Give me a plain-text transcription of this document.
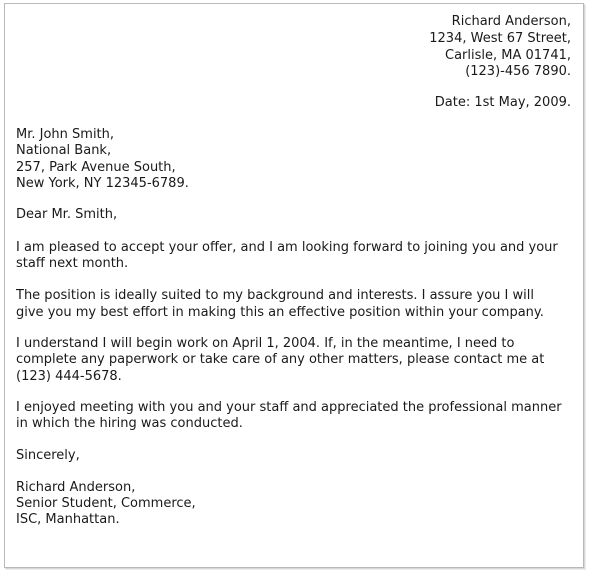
Richard Anderson,

1234, West 67 Street,

Carlisle, MA 01741,

(123)-456 7890.

Date: 1st May, 2009.

Mr. John Smith,

National Bank,

257, Park Avenue South,

New York, NY 12345-6789.

Dear Mr. Smith,

I am pleased to accept your offer, and I am looking forward to joining you and your

staff next month.

The position is ideally suited to my background and interests. I assure you I will

give you my best effort in making this an effective position within your company.

I understand I will begin work on April 1, 2004. If, in the meantime, I need to

complete any paperwork or take care of any other matters, please contact me at

(123) 444-5678.

I enjoyed meeting with you and your staff and appreciated the professional manner

in which the hiring was conducted.

Sincerely,

Richard Anderson,

Senior Student, Commerce,

ISC, Manhattan.
